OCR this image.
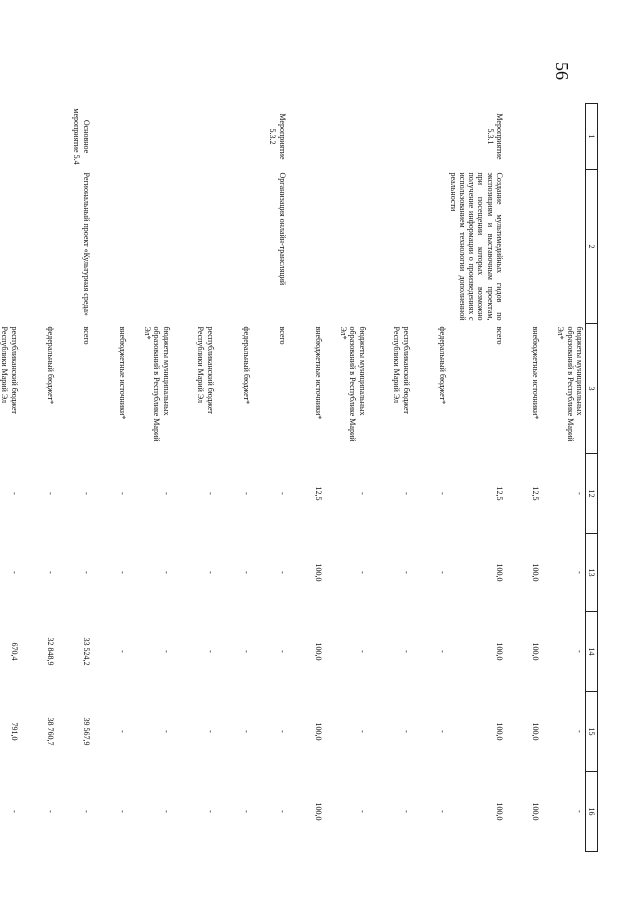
56
1	2	3	12	13	14	15	16
		бюджеты муниципальных образований в Республике Марий Эл*	-	-	-	-	-
		внебюджетные источники*	12,5	100,0	100,0	100,0	100,0
Мероприятие 5.3.1	Создание мультимедийных гидов по экспозициям и выставочным проектам, при посещении которых возможно получение информации о произведениях с использованием технологии дополненной реальности	всего	12,5	100,0	100,0	100,0	100,0
		федеральный бюджет*	-	-	-	-	-
		республиканский бюджет Республики Марий Эл	-	-	-	-	-
		бюджеты муниципальных образований в Республике Марий Эл*	-	-	-	-	-
		внебюджетные источники*	12,5	100,0	100,0	100,0	100,0
Мероприятие 5.3.2	Организация онлайн-трансляций	всего	-	-	-	-	-
		федеральный бюджет*	-	-	-	-	-
		республиканский бюджет Республики Марий Эл	-	-	-	-	-
		бюджеты муниципальных образований в Республике Марий Эл*	-	-	-	-	-
		внебюджетные источники*	-	-	-	-	-
Основное мероприятие 5.4	Региональный проект «Культурная среда»	всего	-	-	33 524,2	39 567,9	-
		федеральный бюджет*	-	-	32 848,9	38 760,7	-
		республиканский бюджет Республики Марий Эл	-	-	670,4	791,0	-
